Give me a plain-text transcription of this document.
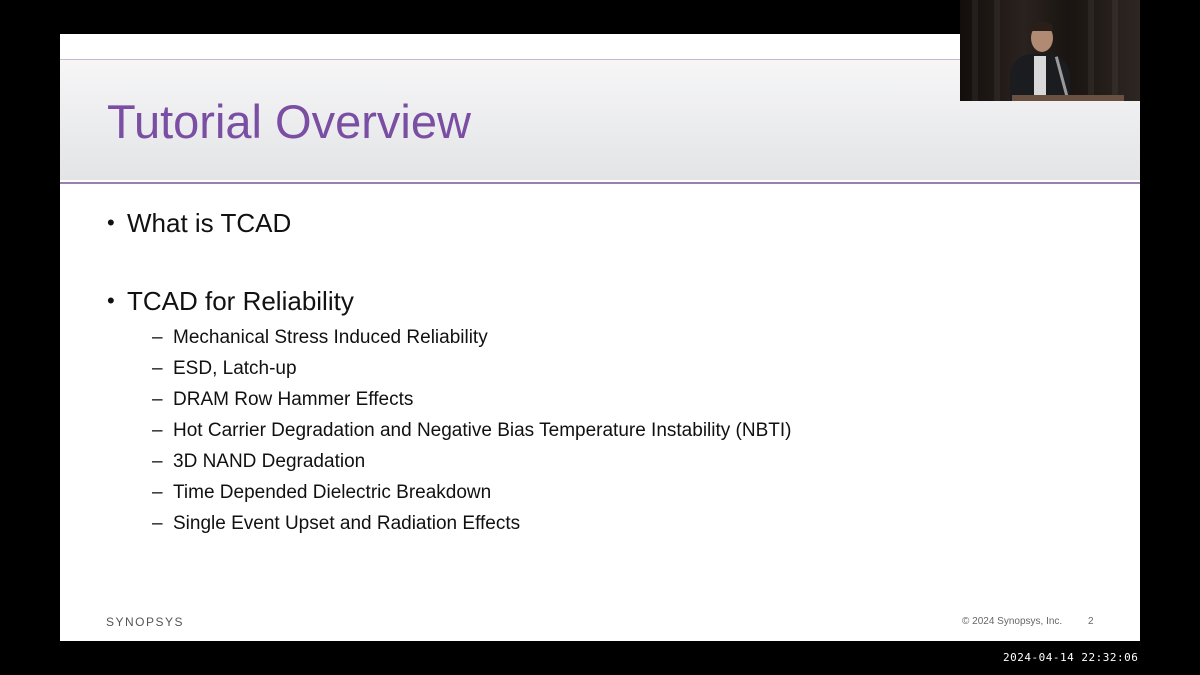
Tutorial Overview
• What is TCAD
• TCAD for Reliability
– Mechanical Stress Induced Reliability
– ESD, Latch-up
– DRAM Row Hammer Effects
– Hot Carrier Degradation and Negative Bias Temperature Instability (NBTI)
– 3D NAND Degradation
– Time Depended Dielectric Breakdown
– Single Event Upset and Radiation Effects
SYNOPSYS	© 2024 Synopsys, Inc.	2
2024-04-14 22:32:06
